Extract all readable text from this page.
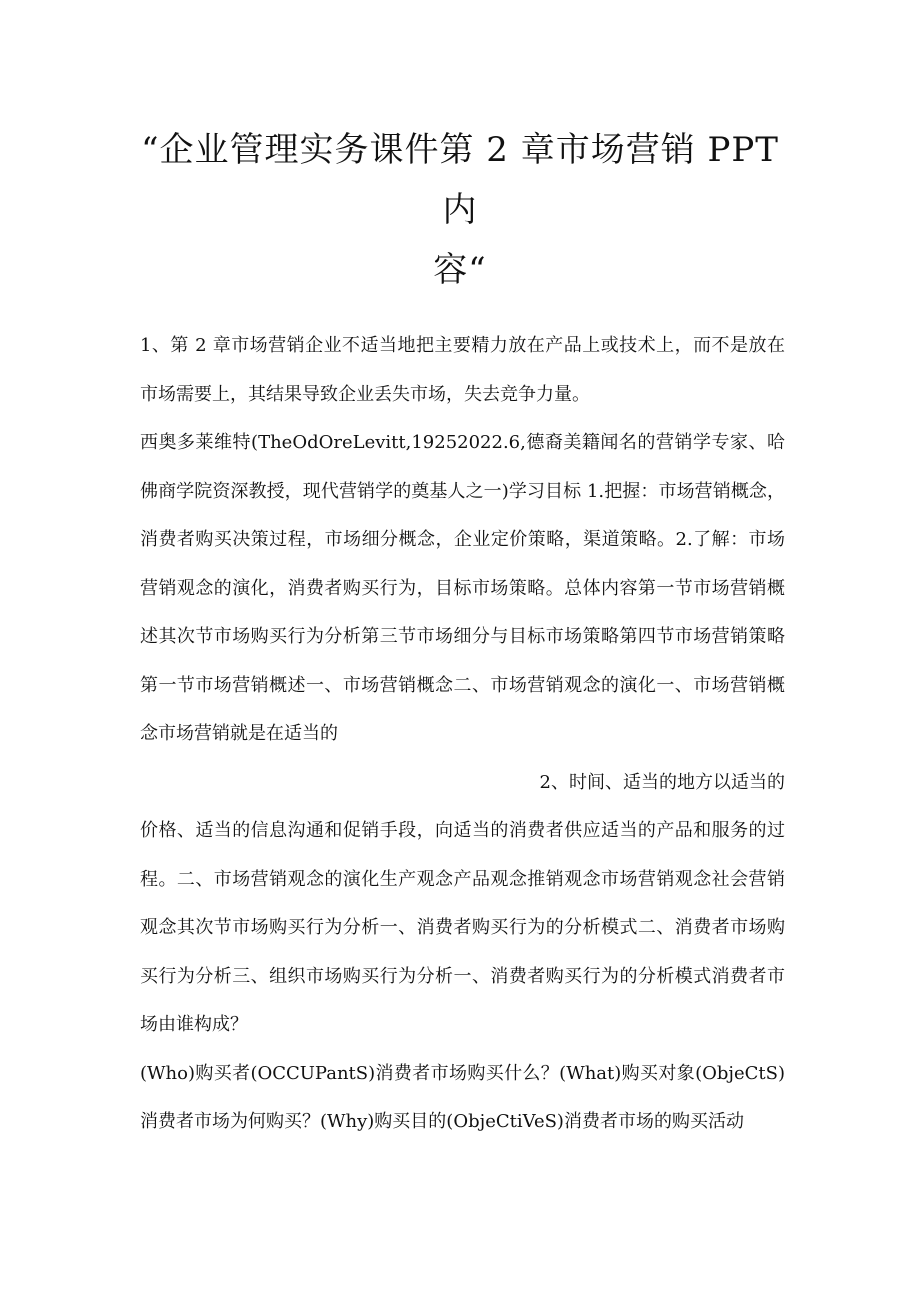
“企业管理实务课件第 2 章市场营销 PPT
内
容“

1、第 2 章市场营销企业不适当地把主要精力放在产品上或技术上，而不是放在市场需要上，其结果导致企业丢失市场，失去竞争力量。

西奥多莱维特(TheOdOreLevitt,19252022.6,德裔美籍闻名的营销学专家、哈佛商学院资深教授，现代营销学的奠基人之一)学习目标 1.把握：市场营销概念，消费者购买决策过程，市场细分概念，企业定价策略，渠道策略。2.了解：市场营销观念的演化，消费者购买行为，目标市场策略。总体内容第一节市场营销概述其次节市场购买行为分析第三节市场细分与目标市场策略第四节市场营销策略第一节市场营销概述一、市场营销概念二、市场营销观念的演化一、市场营销概念市场营销就是在适当的

2、时间、适当的地方以适当的

价格、适当的信息沟通和促销手段，向适当的消费者供应适当的产品和服务的过程。二、市场营销观念的演化生产观念产品观念推销观念市场营销观念社会营销观念其次节市场购买行为分析一、消费者购买行为的分析模式二、消费者市场购买行为分析三、组织市场购买行为分析一、消费者购买行为的分析模式消费者市场由谁构成？

(Who)购买者(OCCUPantS)消费者市场购买什么？(What)购买对象(ObjeCtS)消费者市场为何购买？(Why)购买目的(ObjeCtiVeS)消费者市场的购买活动
